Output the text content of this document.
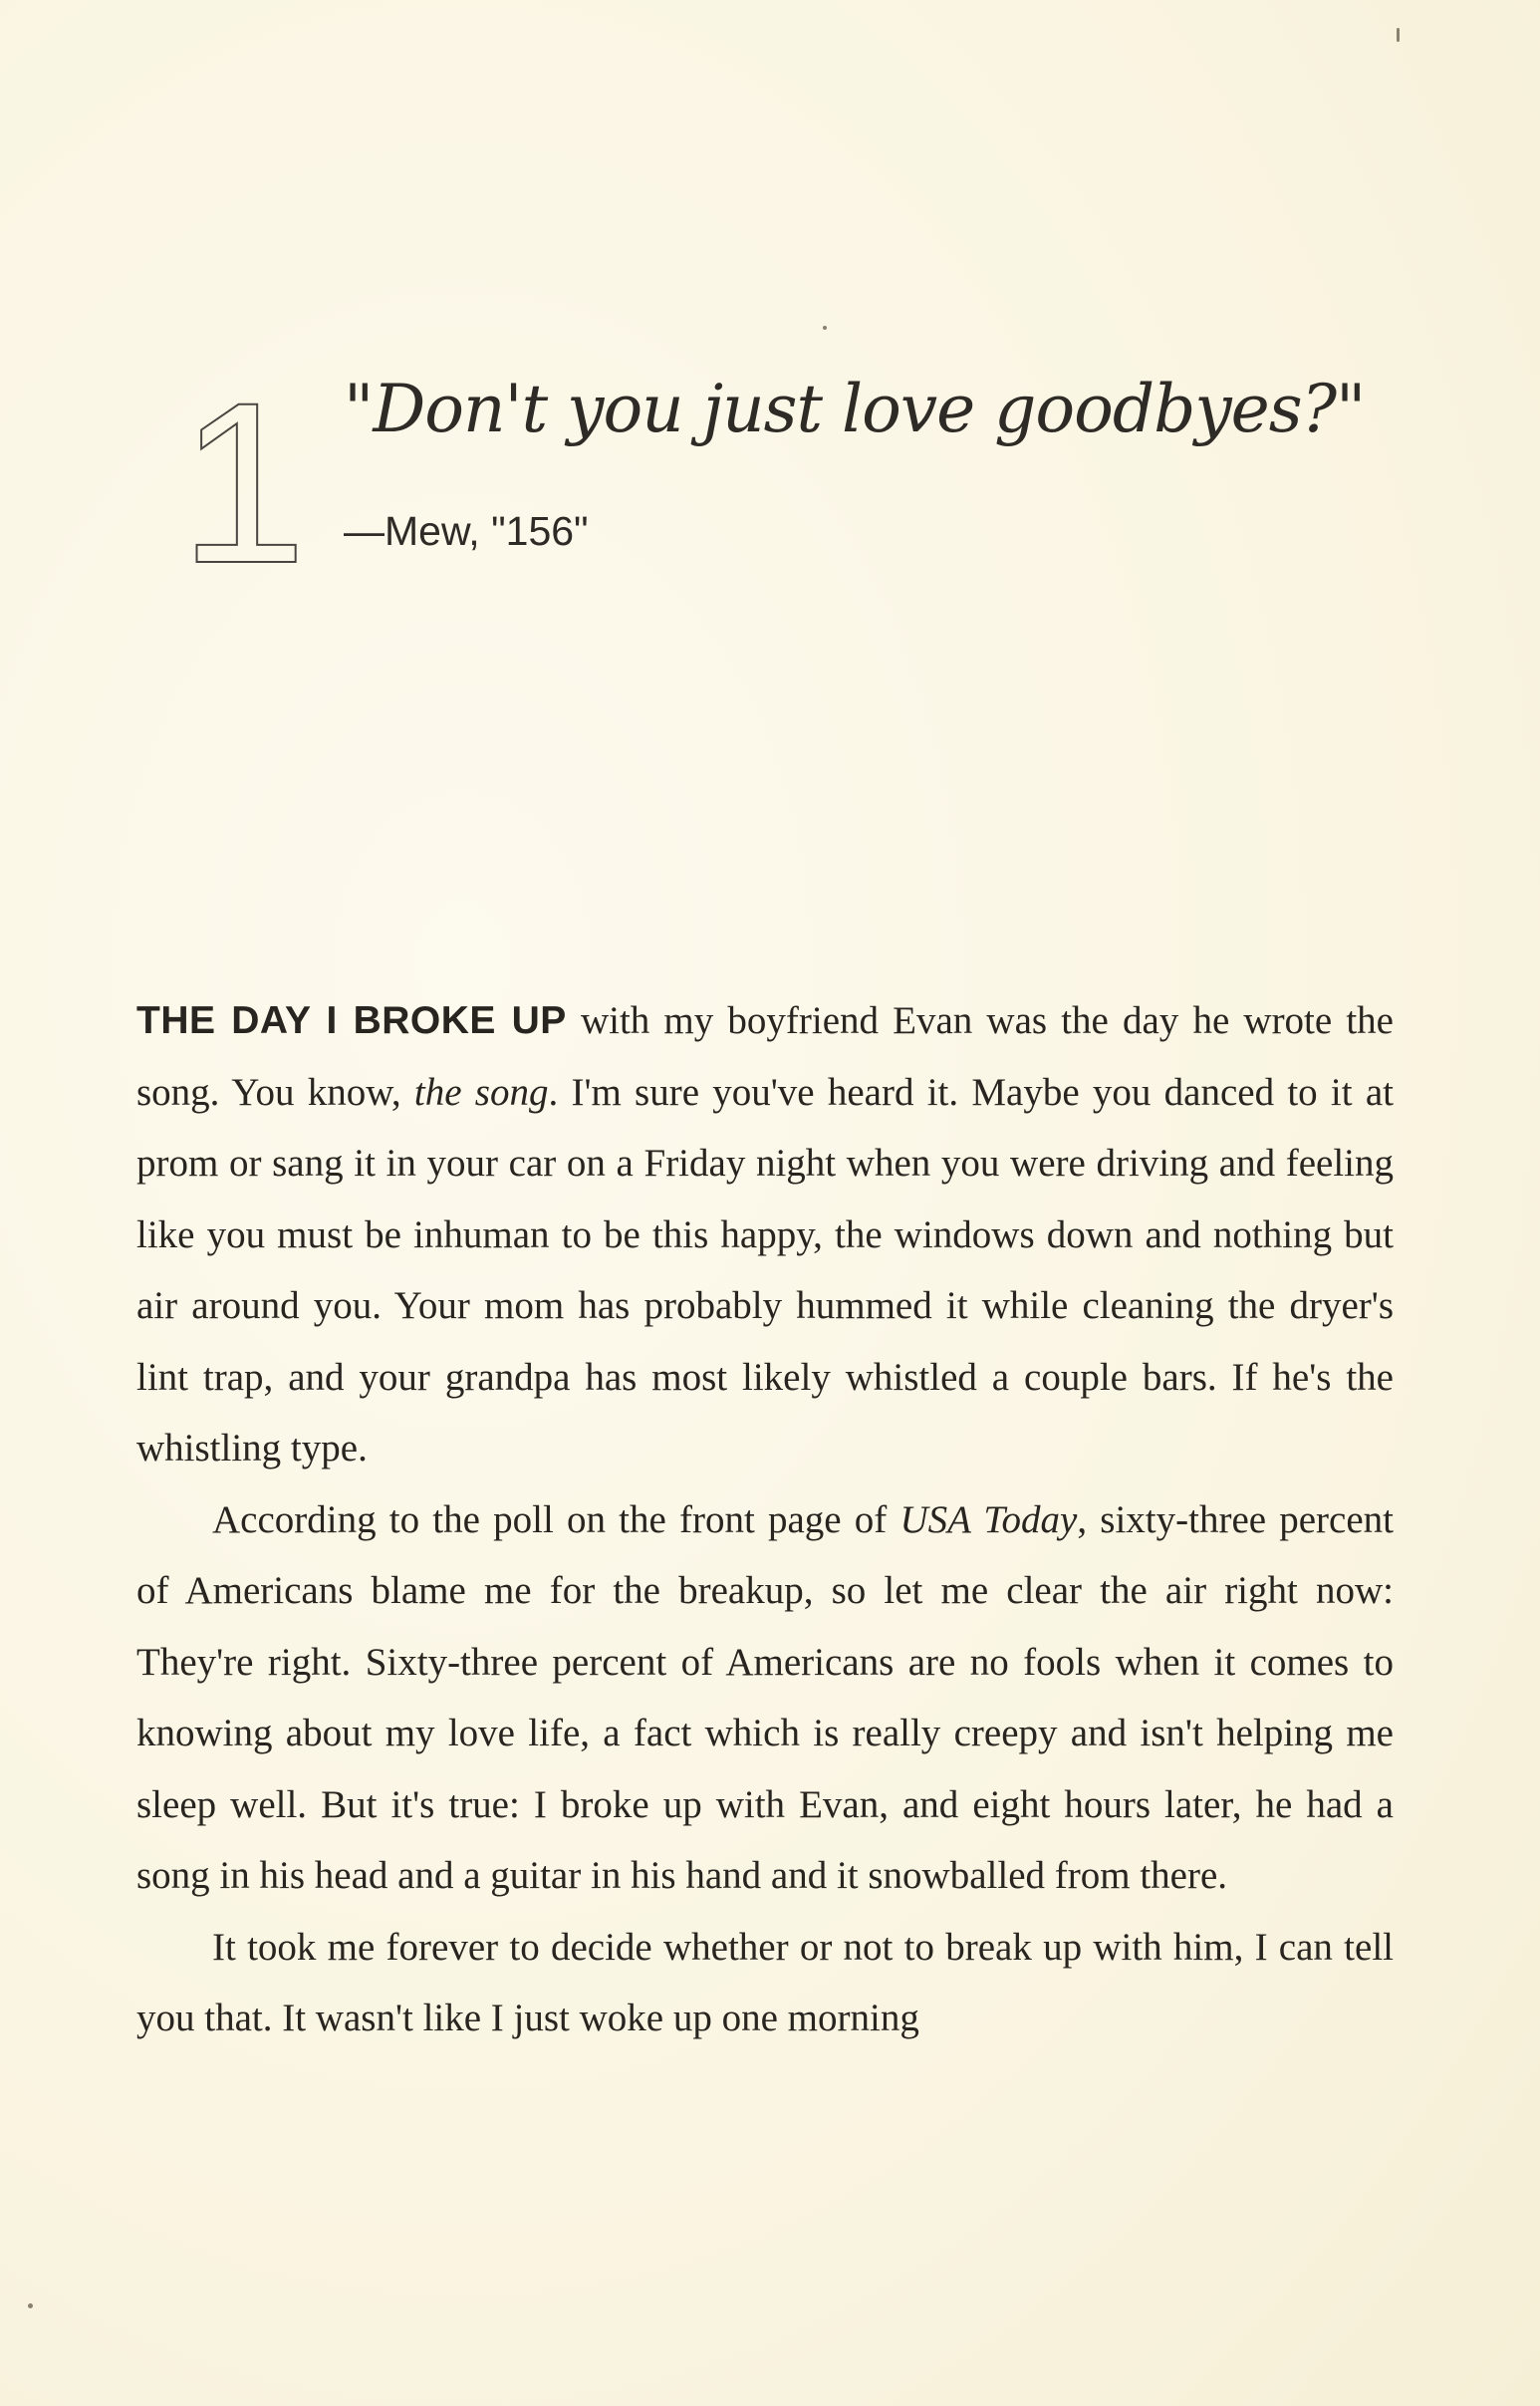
1 "Don't you just love goodbyes?"
—Mew, "156"

THE DAY I BROKE UP with my boyfriend Evan was the day he wrote the song. You know, the song. I'm sure you've heard it. Maybe you danced to it at prom or sang it in your car on a Friday night when you were driving and feeling like you must be inhuman to be this happy, the windows down and nothing but air around you. Your mom has probably hummed it while cleaning the dryer's lint trap, and your grandpa has most likely whistled a couple bars. If he's the whistling type.

According to the poll on the front page of USA Today, sixty-three percent of Americans blame me for the breakup, so let me clear the air right now: They're right. Sixty-three percent of Americans are no fools when it comes to knowing about my love life, a fact which is really creepy and isn't helping me sleep well. But it's true: I broke up with Evan, and eight hours later, he had a song in his head and a guitar in his hand and it snowballed from there.

It took me forever to decide whether or not to break up with him, I can tell you that. It wasn't like I just woke up one morning
